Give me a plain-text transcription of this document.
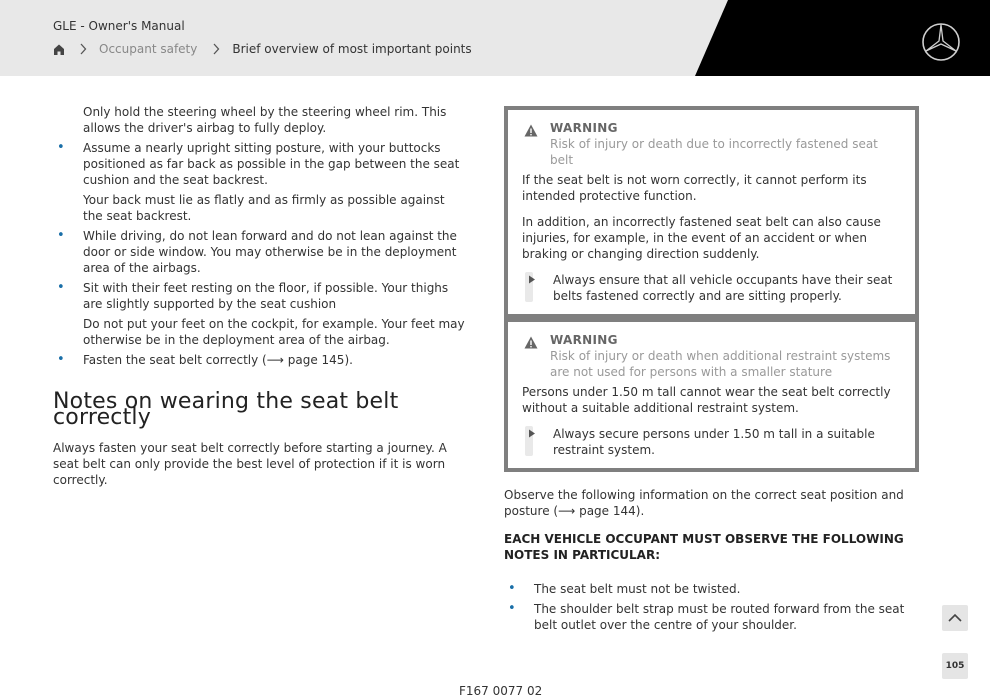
GLE - Owner's Manual
Occupant safety	Brief overview of most important points
Only hold the steering wheel by the steering wheel rim. This allows the driver's airbag to fully deploy.
• Assume a nearly upright sitting posture, with your buttocks positioned as far back as possible in the gap between the seat cushion and the seat backrest.
Your back must lie as flatly and as firmly as possible against the seat backrest.
• While driving, do not lean forward and do not lean against the door or side window. You may otherwise be in the deployment area of the airbags.
• Sit with their feet resting on the floor, if possible. Your thighs are slightly supported by the seat cushion
Do not put your feet on the cockpit, for example. Your feet may otherwise be in the deployment area of the airbag.
• Fasten the seat belt correctly (⟶ page 145).
Notes on wearing the seat belt correctly
Always fasten your seat belt correctly before starting a journey. A seat belt can only provide the best level of protection if it is worn correctly.
WARNING
Risk of injury or death due to incorrectly fastened seat belt
If the seat belt is not worn correctly, it cannot perform its intended protective function.
In addition, an incorrectly fastened seat belt can also cause injuries, for example, in the event of an accident or when braking or changing direction suddenly.
Always ensure that all vehicle occupants have their seat belts fastened correctly and are sitting properly.
WARNING
Risk of injury or death when additional restraint systems are not used for persons with a smaller stature
Persons under 1.50 m tall cannot wear the seat belt correctly without a suitable additional restraint system.
Always secure persons under 1.50 m tall in a suitable restraint system.
Observe the following information on the correct seat position and posture (⟶ page 144).
EACH VEHICLE OCCUPANT MUST OBSERVE THE FOLLOWING NOTES IN PARTICULAR:
• The seat belt must not be twisted.
• The shoulder belt strap must be routed forward from the seat belt outlet over the centre of your shoulder.
105
F167 0077 02
